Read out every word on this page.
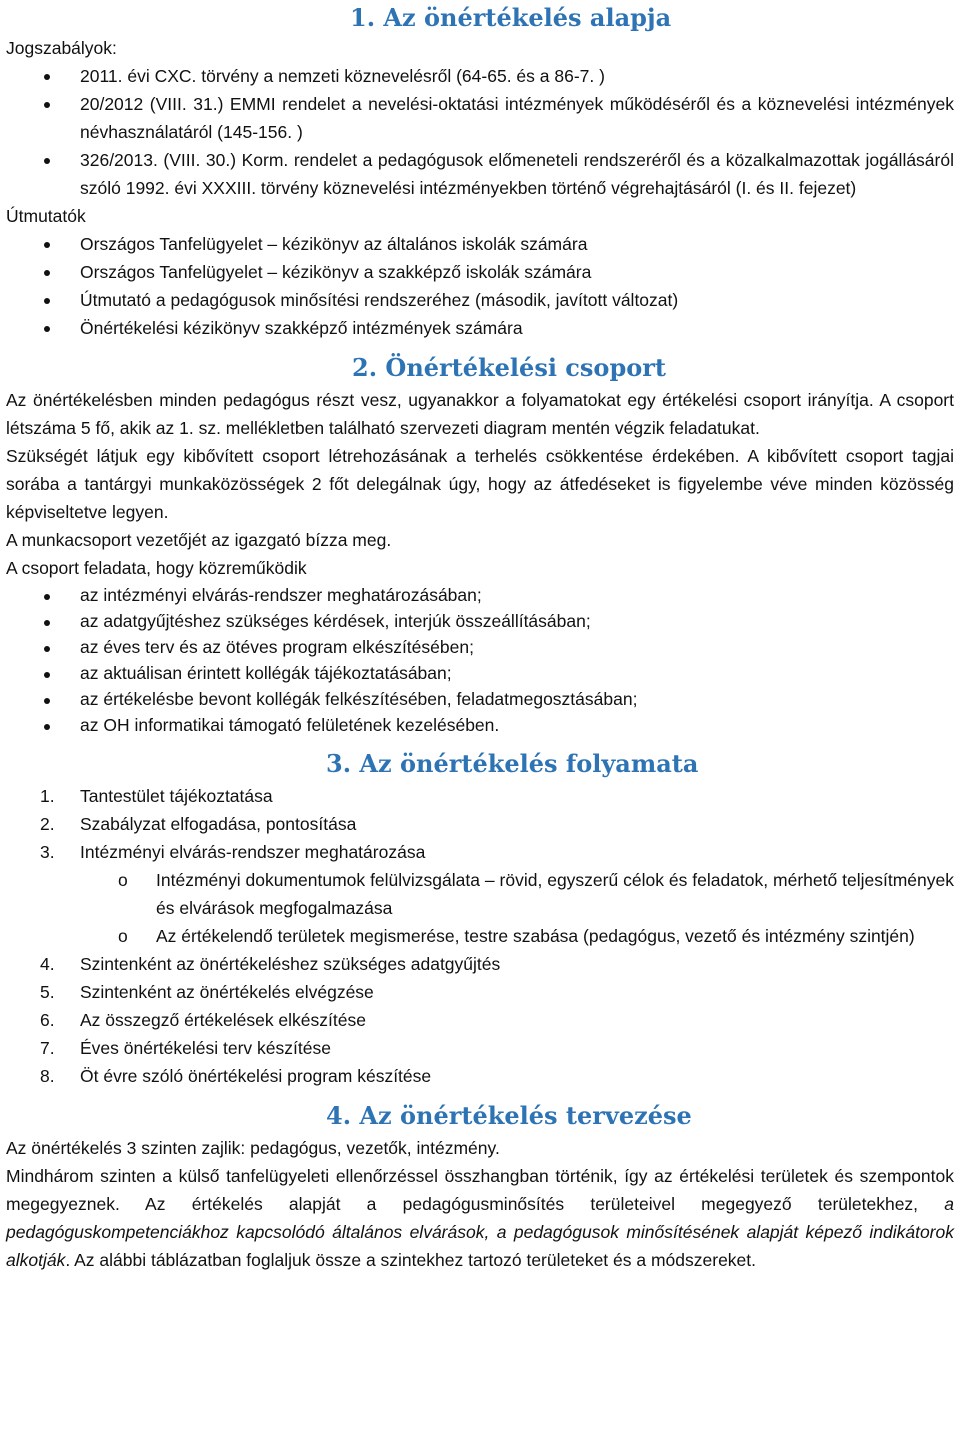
1. Az önértékelés alapja
Jogszabályok:
2011. évi CXC. törvény a nemzeti köznevelésről (64-65. és a 86-7. )
20/2012 (VIII. 31.) EMMI rendelet a nevelési-oktatási intézmények működéséről és a köznevelési intézmények névhasználatáról (145-156. )
326/2013. (VIII. 30.) Korm. rendelet a pedagógusok előmeneteli rendszeréről és a közalkalmazottak jogállásáról szóló 1992. évi XXXIII. törvény köznevelési intézményekben történő végrehajtásáról (I. és II. fejezet)
Útmutatók
Országos Tanfelügyelet – kézikönyv az általános iskolák számára
Országos Tanfelügyelet – kézikönyv a szakképző iskolák számára
Útmutató a pedagógusok minősítési rendszeréhez (második, javított változat)
Önértékelési kézikönyv szakképző intézmények számára
2. Önértékelési csoport

Az önértékelésben minden pedagógus részt vesz, ugyanakkor a folyamatokat egy értékelési csoport irányítja. A csoport létszáma 5 fő, akik az 1. sz. mellékletben található szervezeti diagram mentén végzik feladatukat.

Szükségét látjuk egy kibővített csoport létrehozásának a terhelés csökkentése érdekében. A kibővített csoport tagjai sorába a tantárgyi munkaközösségek 2 főt delegálnak úgy, hogy az átfedéseket is figyelembe véve minden közösség képviseltetve legyen.

A munkacsoport vezetőjét az igazgató bízza meg.

A csoport feladata, hogy közreműködik

az intézményi elvárás-rendszer meghatározásában;
az adatgyűjtéshez szükséges kérdések, interjúk összeállításában;
az éves terv és az ötéves program elkészítésében;
az aktuálisan érintett kollégák tájékoztatásában;
az értékelésbe bevont kollégák felkészítésében, feladatmegosztásában;
az OH informatikai támogató felületének kezelésében.
3. Az önértékelés folyamata
1. Tantestület tájékoztatása
2. Szabályzat elfogadása, pontosítása
3. Intézményi elvárás-rendszer meghatározása
o Intézményi dokumentumok felülvizsgálata – rövid, egyszerű célok és feladatok, mérhető teljesítmények és elvárások megfogalmazása
o Az értékelendő területek megismerése, testre szabása (pedagógus, vezető és intézmény szintjén)
4. Szintenként az önértékeléshez szükséges adatgyűjtés
5. Szintenként az önértékelés elvégzése
6. Az összegző értékelések elkészítése
7. Éves önértékelési terv készítése
8. Öt évre szóló önértékelési program készítése
4. Az önértékelés tervezése

Az önértékelés 3 szinten zajlik: pedagógus, vezetők, intézmény.

Mindhárom szinten a külső tanfelügyeleti ellenőrzéssel összhangban történik, így az értékelési területek és szempontok megegyeznek. Az értékelés alapját a pedagógusminősítés területeivel megegyező területekhez, a pedagóguskompetenciákhoz kapcsolódó általános elvárások, a pedagógusok minősítésének alapját képező indikátorok alkotják. Az alábbi táblázatban foglaljuk össze a szintekhez tartozó területeket és a módszereket.
